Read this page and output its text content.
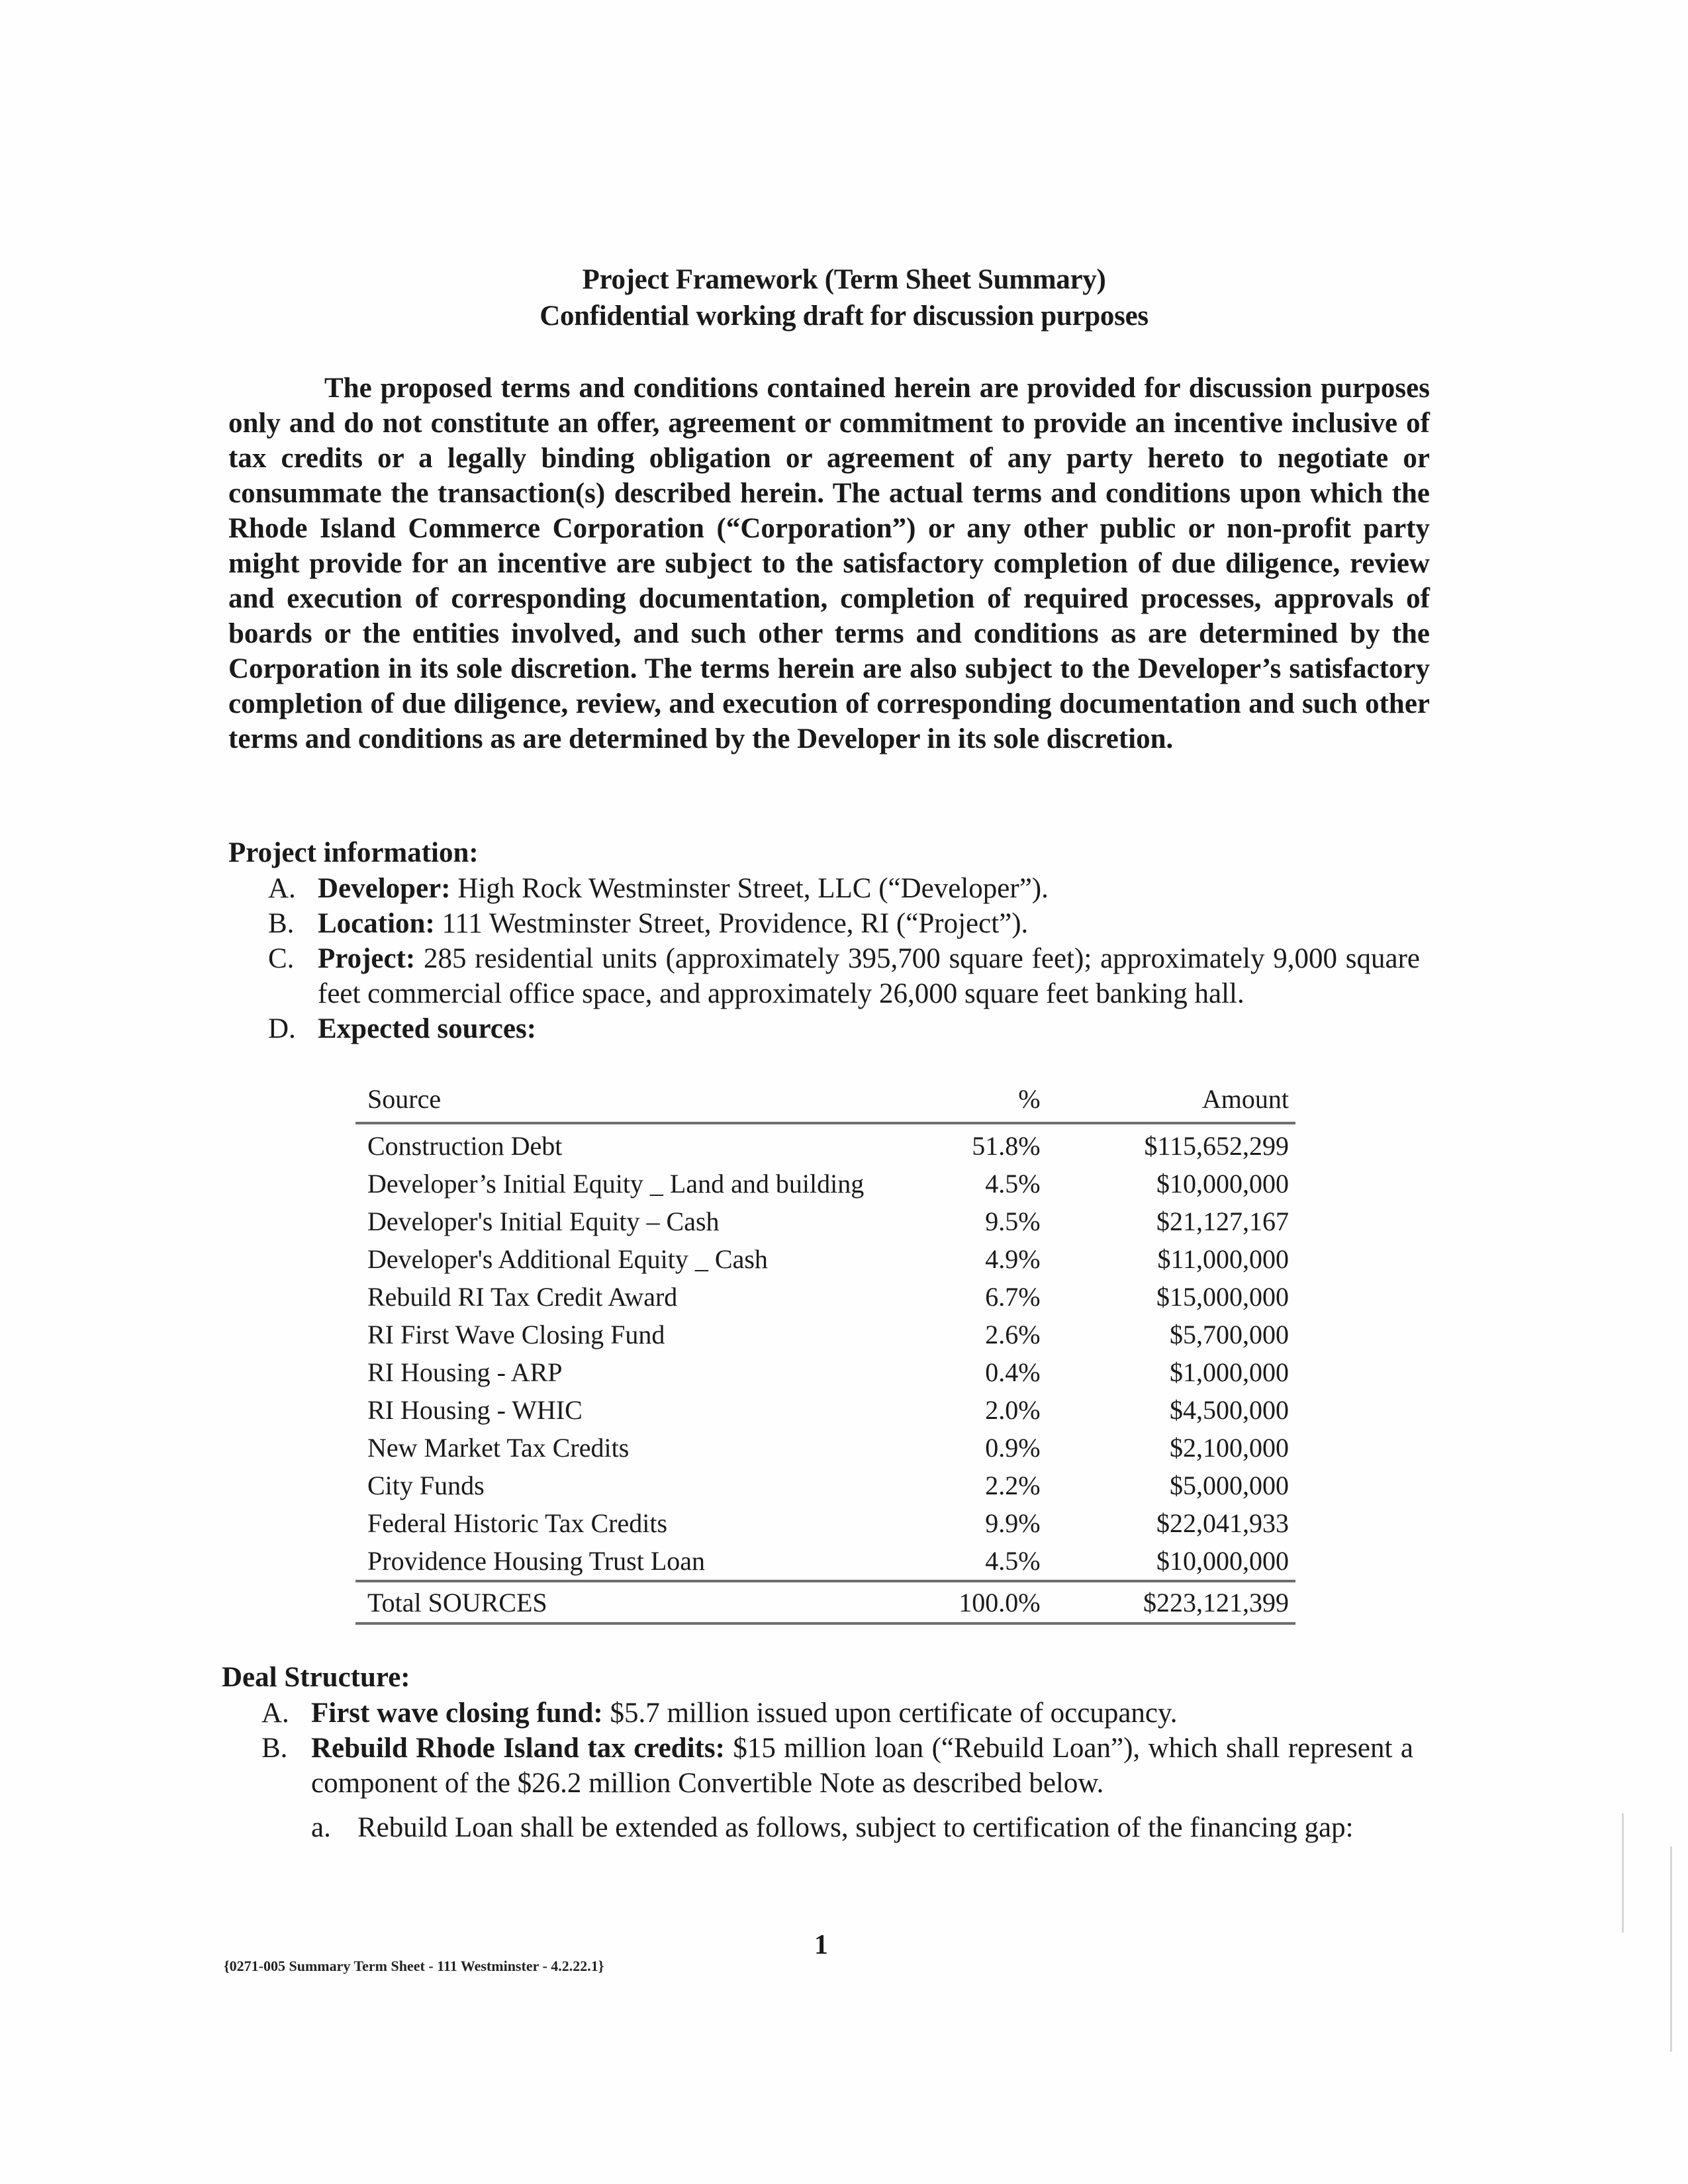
Project Framework (Term Sheet Summary)
Confidential working draft for discussion purposes
The proposed terms and conditions contained herein are provided for discussion purposes only and do not constitute an offer, agreement or commitment to provide an incentive inclusive of tax credits or a legally binding obligation or agreement of any party hereto to negotiate or consummate the transaction(s) described herein. The actual terms and conditions upon which the Rhode Island Commerce Corporation (“Corporation”) or any other public or non-profit party might provide for an incentive are subject to the satisfactory completion of due diligence, review and execution of corresponding documentation, completion of required processes, approvals of boards or the entities involved, and such other terms and conditions as are determined by the Corporation in its sole discretion. The terms herein are also subject to the Developer’s satisfactory completion of due diligence, review, and execution of corresponding documentation and such other terms and conditions as are determined by the Developer in its sole discretion.
Project information:
A. Developer: High Rock Westminster Street, LLC (“Developer”).
B. Location: 111 Westminster Street, Providence, RI (“Project”).
C. Project: 285 residential units (approximately 395,700 square feet); approximately 9,000 square feet commercial office space, and approximately 26,000 square feet banking hall.
D. Expected sources:
Source	%	Amount
Construction Debt	51.8%	$115,652,299
Developer’s Initial Equity _ Land and building	4.5%	$10,000,000
Developer's Initial Equity – Cash	9.5%	$21,127,167
Developer's Additional Equity _ Cash	4.9%	$11,000,000
Rebuild RI Tax Credit Award	6.7%	$15,000,000
RI First Wave Closing Fund	2.6%	$5,700,000
RI Housing - ARP	0.4%	$1,000,000
RI Housing - WHIC	2.0%	$4,500,000
New Market Tax Credits	0.9%	$2,100,000
City Funds	2.2%	$5,000,000
Federal Historic Tax Credits	9.9%	$22,041,933
Providence Housing Trust Loan	4.5%	$10,000,000
Total SOURCES	100.0%	$223,121,399
Deal Structure:
A. First wave closing fund: $5.7 million issued upon certificate of occupancy.
B. Rebuild Rhode Island tax credits: $15 million loan (“Rebuild Loan”), which shall represent a component of the $26.2 million Convertible Note as described below.
a. Rebuild Loan shall be extended as follows, subject to certification of the financing gap:
{0271-005 Summary Term Sheet - 111 Westminster - 4.2.22.1}
1
